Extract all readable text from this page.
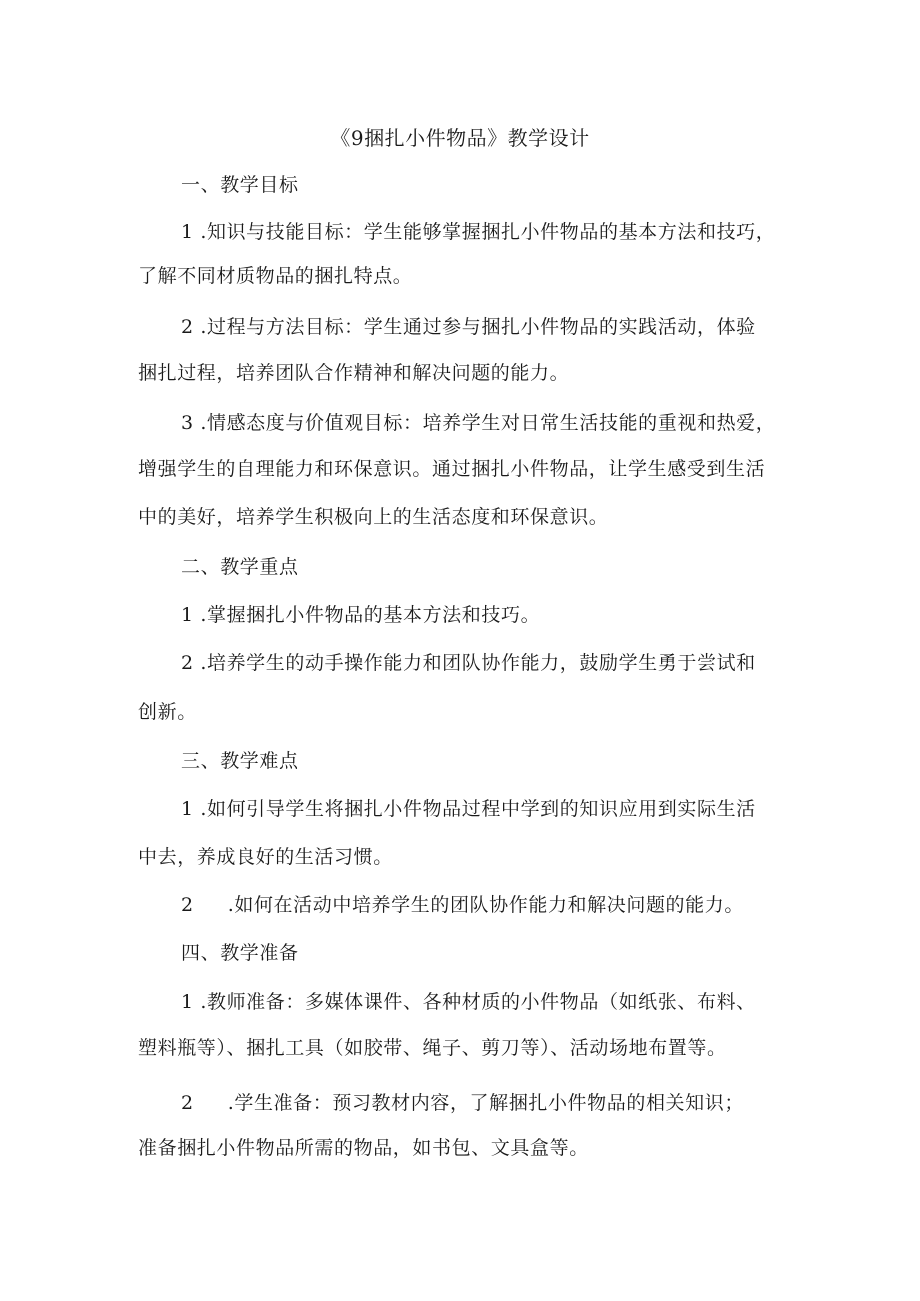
《9捆扎小件物品》教学设计
一、教学目标
1 .知识与技能目标：学生能够掌握捆扎小件物品的基本方法和技巧，
了解不同材质物品的捆扎特点。
2 .过程与方法目标：学生通过参与捆扎小件物品的实践活动，体验
捆扎过程，培养团队合作精神和解决问题的能力。
3 .情感态度与价值观目标：培养学生对日常生活技能的重视和热爱，
增强学生的自理能力和环保意识。通过捆扎小件物品，让学生感受到生活
中的美好，培养学生积极向上的生活态度和环保意识。
二、教学重点
1 .掌握捆扎小件物品的基本方法和技巧。
2 .培养学生的动手操作能力和团队协作能力，鼓励学生勇于尝试和
创新。
三、教学难点
1 .如何引导学生将捆扎小件物品过程中学到的知识应用到实际生活
中去，养成良好的生活习惯。
2 .如何在活动中培养学生的团队协作能力和解决问题的能力。
四、教学准备
1 .教师准备：多媒体课件、各种材质的小件物品（如纸张、布料、
塑料瓶等）、捆扎工具（如胶带、绳子、剪刀等）、活动场地布置等。
2 .学生准备：预习教材内容，了解捆扎小件物品的相关知识；
准备捆扎小件物品所需的物品，如书包、文具盒等。
